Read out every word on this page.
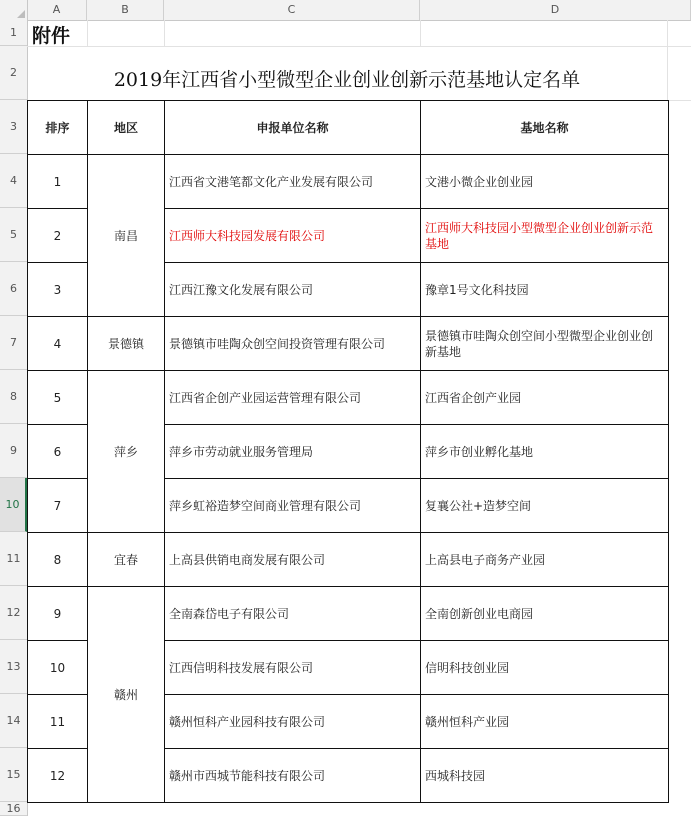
A	B	C	D
1
2
3
4
5
6
7
8
9
10
11
12
13
14
15
16
附件
2019年江西省小型微型企业创业创新示范基地认定名单
排序	地区	申报单位名称	基地名称
1	南昌	江西省文港笔都文化产业发展有限公司	文港小微企业创业园
2		江西师大科技园发展有限公司	江西师大科技园小型微型企业创业创新示范基地
3		江西江豫文化发展有限公司	豫章1号文化科技园
4	景德镇	景德镇市哇陶众创空间投资管理有限公司	景德镇市哇陶众创空间小型微型企业创业创新基地
5	萍乡	江西省企创产业园运营管理有限公司	江西省企创产业园
6		萍乡市劳动就业服务管理局	萍乡市创业孵化基地
7		萍乡虹裕造梦空间商业管理有限公司	复襄公社+造梦空间
8	宜春	上高县供销电商发展有限公司	上高县电子商务产业园
9	赣州	全南森岱电子有限公司	全南创新创业电商园
10		江西信明科技发展有限公司	信明科技创业园
11		赣州恒科产业园科技有限公司	赣州恒科产业园
12		赣州市西城节能科技有限公司	西城科技园
